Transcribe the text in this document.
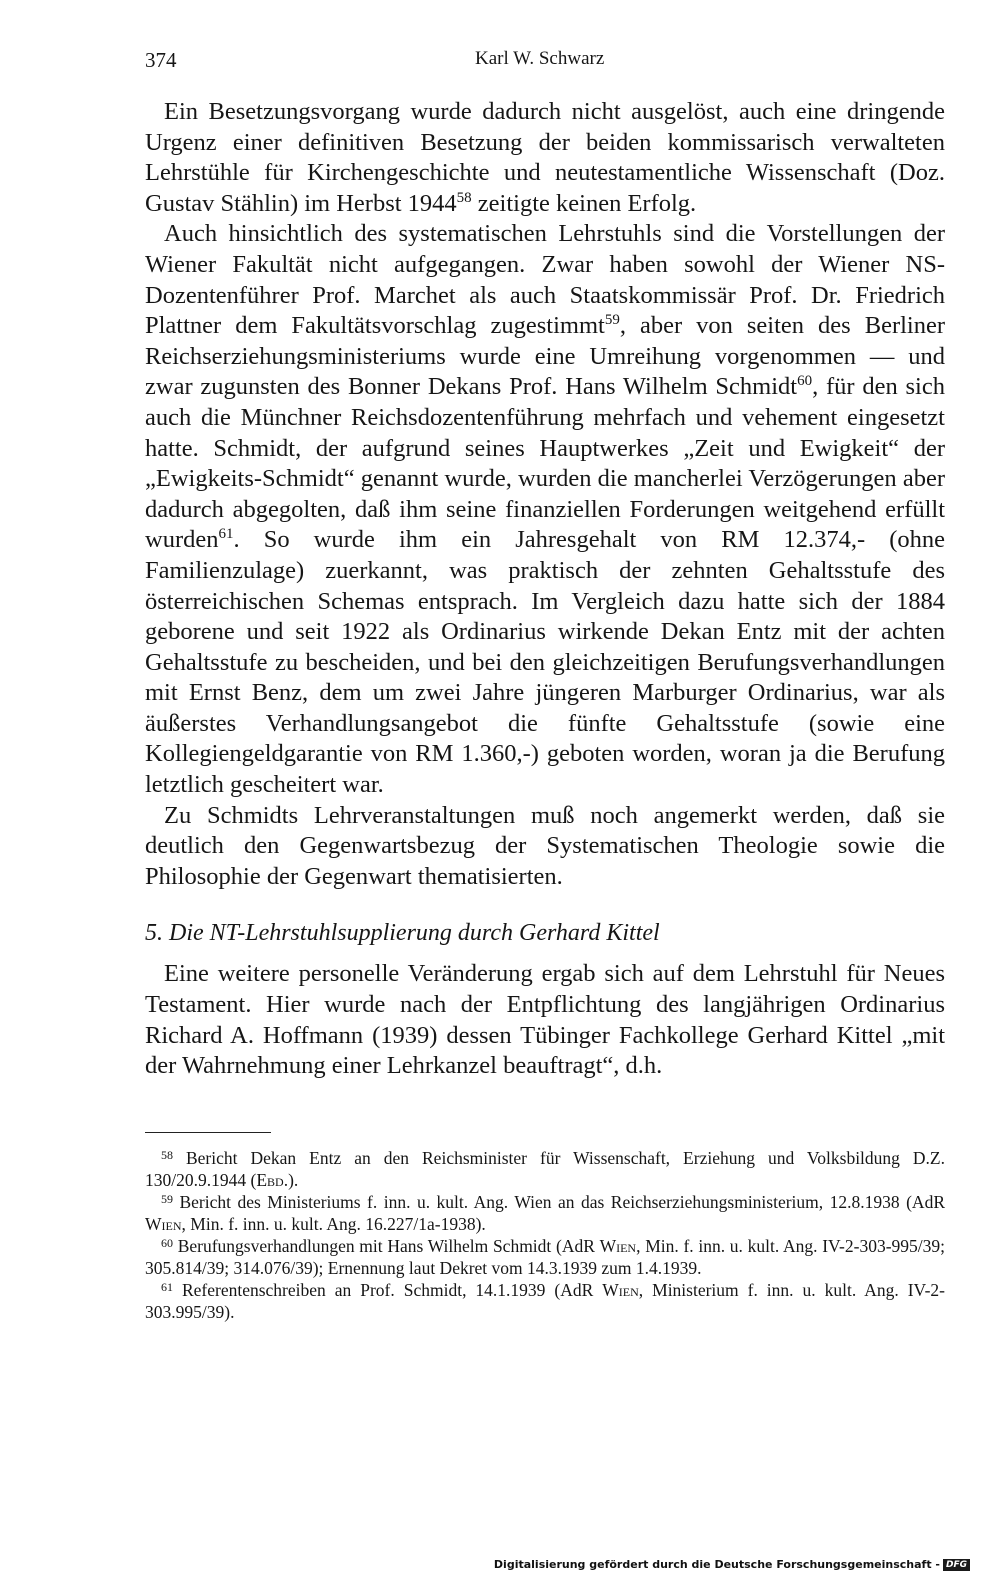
374	Karl W. Schwarz

Ein Besetzungsvorgang wurde dadurch nicht ausgelöst, auch eine dringende Urgenz einer definitiven Besetzung der beiden kommissarisch verwalteten Lehrstühle für Kirchengeschichte und neutestamentliche Wissenschaft (Doz. Gustav Stählin) im Herbst 1944$^{58}$ zeitigte keinen Erfolg.

Auch hinsichtlich des systematischen Lehrstuhls sind die Vorstellungen der Wiener Fakultät nicht aufgegangen. Zwar haben sowohl der Wiener NS-Dozentenführer Prof. Marchet als auch Staatskommissär Prof. Dr. Friedrich Plattner dem Fakultätsvorschlag zugestimmt$^{59}$, aber von seiten des Berliner Reichserziehungsministeriums wurde eine Umreihung vorgenommen — und zwar zugunsten des Bonner Dekans Prof. Hans Wilhelm Schmidt$^{60}$, für den sich auch die Münchner Reichsdozentenführung mehrfach und vehement eingesetzt hatte. Schmidt, der aufgrund seines Hauptwerkes „Zeit und Ewigkeit“ der „Ewigkeits-Schmidt“ genannt wurde, wurden die mancherlei Verzögerungen aber dadurch abgegolten, daß ihm seine finanziellen Forderungen weitgehend erfüllt wurden$^{61}$. So wurde ihm ein Jahresgehalt von RM 12.374,- (ohne Familienzulage) zuerkannt, was praktisch der zehnten Gehaltsstufe des österreichischen Schemas entsprach. Im Vergleich dazu hatte sich der 1884 geborene und seit 1922 als Ordinarius wirkende Dekan Entz mit der achten Gehaltsstufe zu bescheiden, und bei den gleichzeitigen Berufungsverhandlungen mit Ernst Benz, dem um zwei Jahre jüngeren Marburger Ordinarius, war als äußerstes Verhandlungsangebot die fünfte Gehaltsstufe (sowie eine Kollegiengeldgarantie von RM 1.360,-) geboten worden, woran ja die Berufung letztlich gescheitert war.

Zu Schmidts Lehrveranstaltungen muß noch angemerkt werden, daß sie deutlich den Gegenwartsbezug der Systematischen Theologie sowie die Philosophie der Gegenwart thematisierten.

5. Die NT-Lehrstuhlsupplierung durch Gerhard Kittel

Eine weitere personelle Veränderung ergab sich auf dem Lehrstuhl für Neues Testament. Hier wurde nach der Entpflichtung des langjährigen Ordinarius Richard A. Hoffmann (1939) dessen Tübinger Fachkollege Gerhard Kittel „mit der Wahrnehmung einer Lehrkanzel beauftragt“, d.h.

$^{58}$ Bericht Dekan Entz an den Reichsminister für Wissenschaft, Erziehung und Volksbildung D.Z. 130/20.9.1944 (Ebd.).

$^{59}$ Bericht des Ministeriums f. inn. u. kult. Ang. Wien an das Reichserziehungsministerium, 12.8.1938 (AdR Wien, Min. f. inn. u. kult. Ang. 16.227/1a-1938).

$^{60}$ Berufungsverhandlungen mit Hans Wilhelm Schmidt (AdR Wien, Min. f. inn. u. kult. Ang. IV-2-303-995/39; 305.814/39; 314.076/39); Ernennung laut Dekret vom 14.3.1939 zum 1.4.1939.

$^{61}$ Referentenschreiben an Prof. Schmidt, 14.1.1939 (AdR Wien, Ministerium f. inn. u. kult. Ang. IV-2-303.995/39).

Digitalisierung gefördert durch die Deutsche Forschungsgemeinschaft - DFG
